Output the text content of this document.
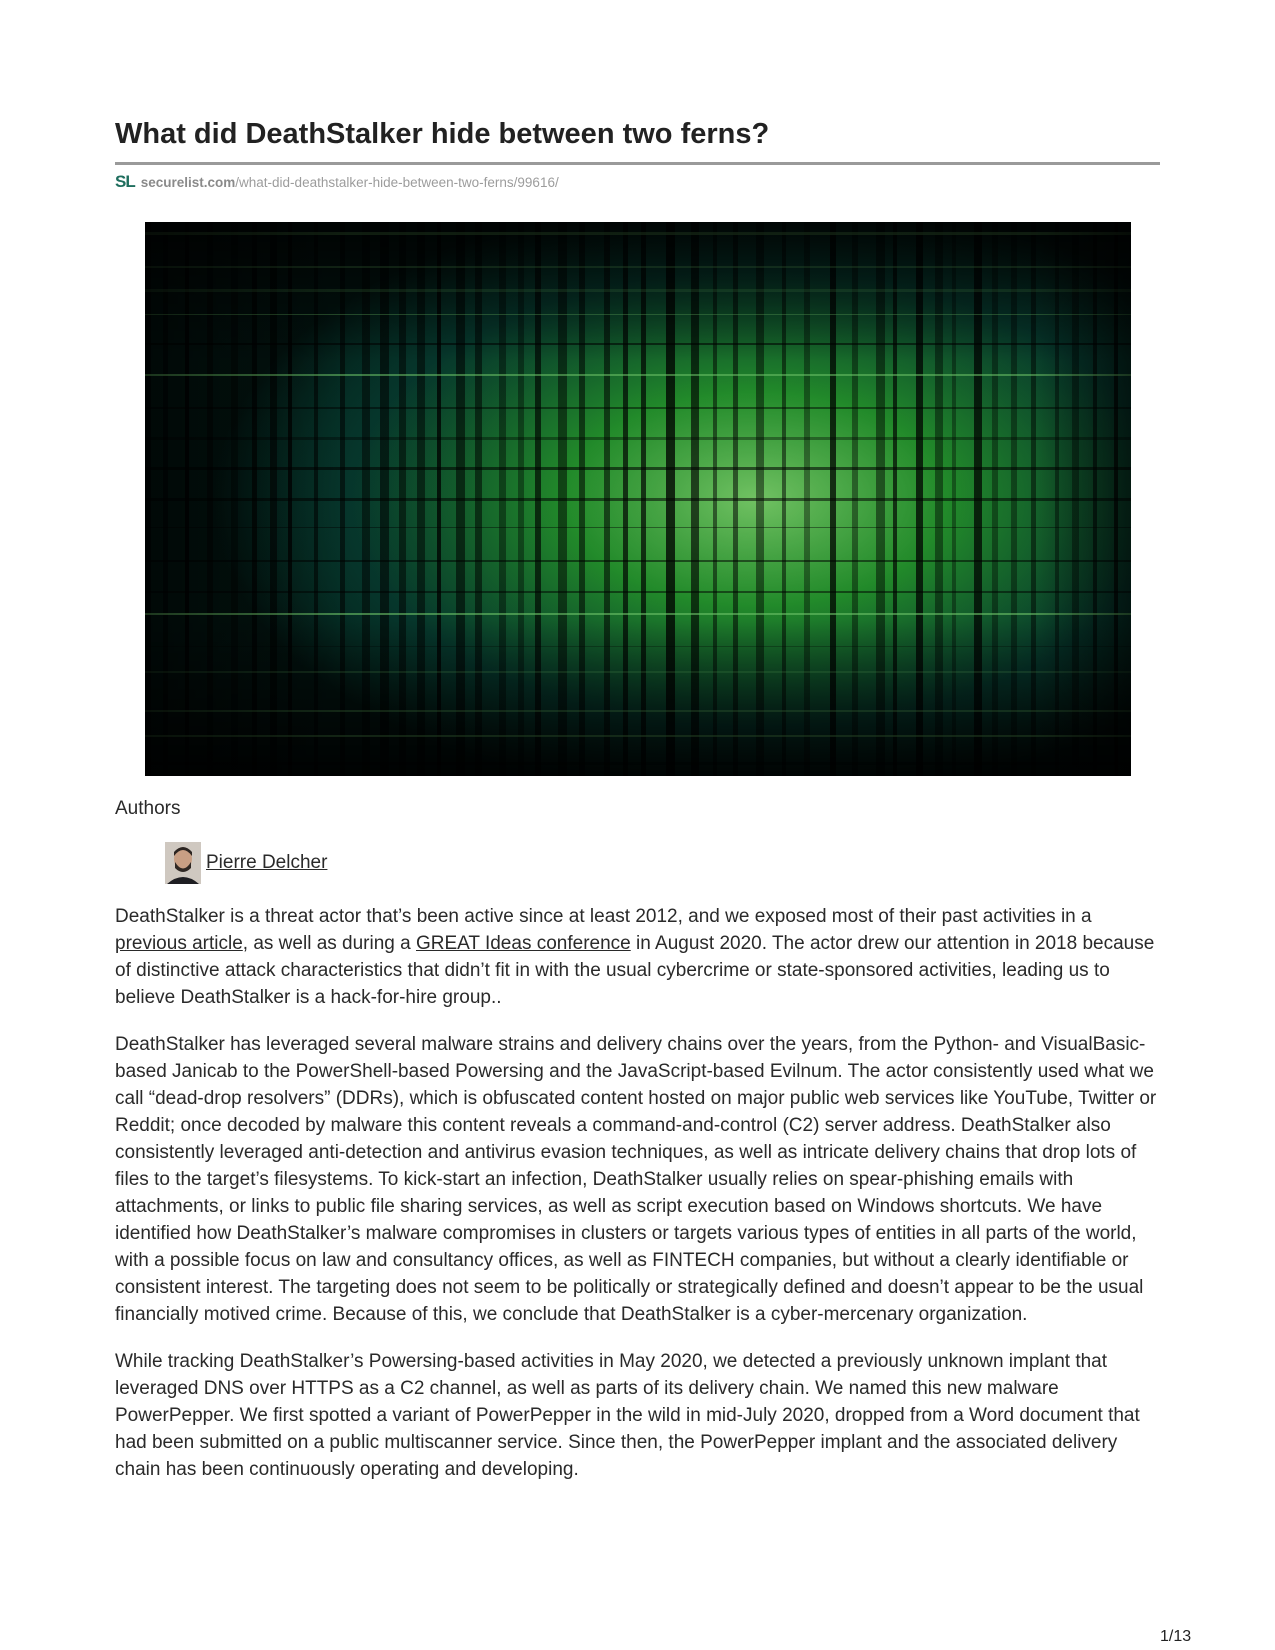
What did DeathStalker hide between two ferns?
SL securelist.com /what-did-deathstalker-hide-between-two-ferns/99616/
Authors
Pierre Delcher

DeathStalker is a threat actor that’s been active since at least 2012, and we exposed most of their past activities in a previous article, as well as during a GREAT Ideas conference in August 2020. The actor drew our attention in 2018 because of distinctive attack characteristics that didn’t fit in with the usual cybercrime or state-sponsored activities, leading us to believe DeathStalker is a hack-for-hire group..

DeathStalker has leveraged several malware strains and delivery chains over the years, from the Python- and VisualBasic-based Janicab to the PowerShell-based Powersing and the JavaScript-based Evilnum. The actor consistently used what we call “dead-drop resolvers” (DDRs), which is obfuscated content hosted on major public web services like YouTube, Twitter or Reddit; once decoded by malware this content reveals a command-and-control (C2) server address. DeathStalker also consistently leveraged anti-detection and antivirus evasion techniques, as well as intricate delivery chains that drop lots of files to the target’s filesystems. To kick-start an infection, DeathStalker usually relies on spear-phishing emails with attachments, or links to public file sharing services, as well as script execution based on Windows shortcuts. We have identified how DeathStalker’s malware compromises in clusters or targets various types of entities in all parts of the world, with a possible focus on law and consultancy offices, as well as FINTECH companies, but without a clearly identifiable or consistent interest. The targeting does not seem to be politically or strategically defined and doesn’t appear to be the usual financially motived crime. Because of this, we conclude that DeathStalker is a cyber-mercenary organization.

While tracking DeathStalker’s Powersing-based activities in May 2020, we detected a previously unknown implant that leveraged DNS over HTTPS as a C2 channel, as well as parts of its delivery chain. We named this new malware PowerPepper. We first spotted a variant of PowerPepper in the wild in mid-July 2020, dropped from a Word document that had been submitted on a public multiscanner service. Since then, the PowerPepper implant and the associated delivery chain has been continuously operating and developing.

1/13
